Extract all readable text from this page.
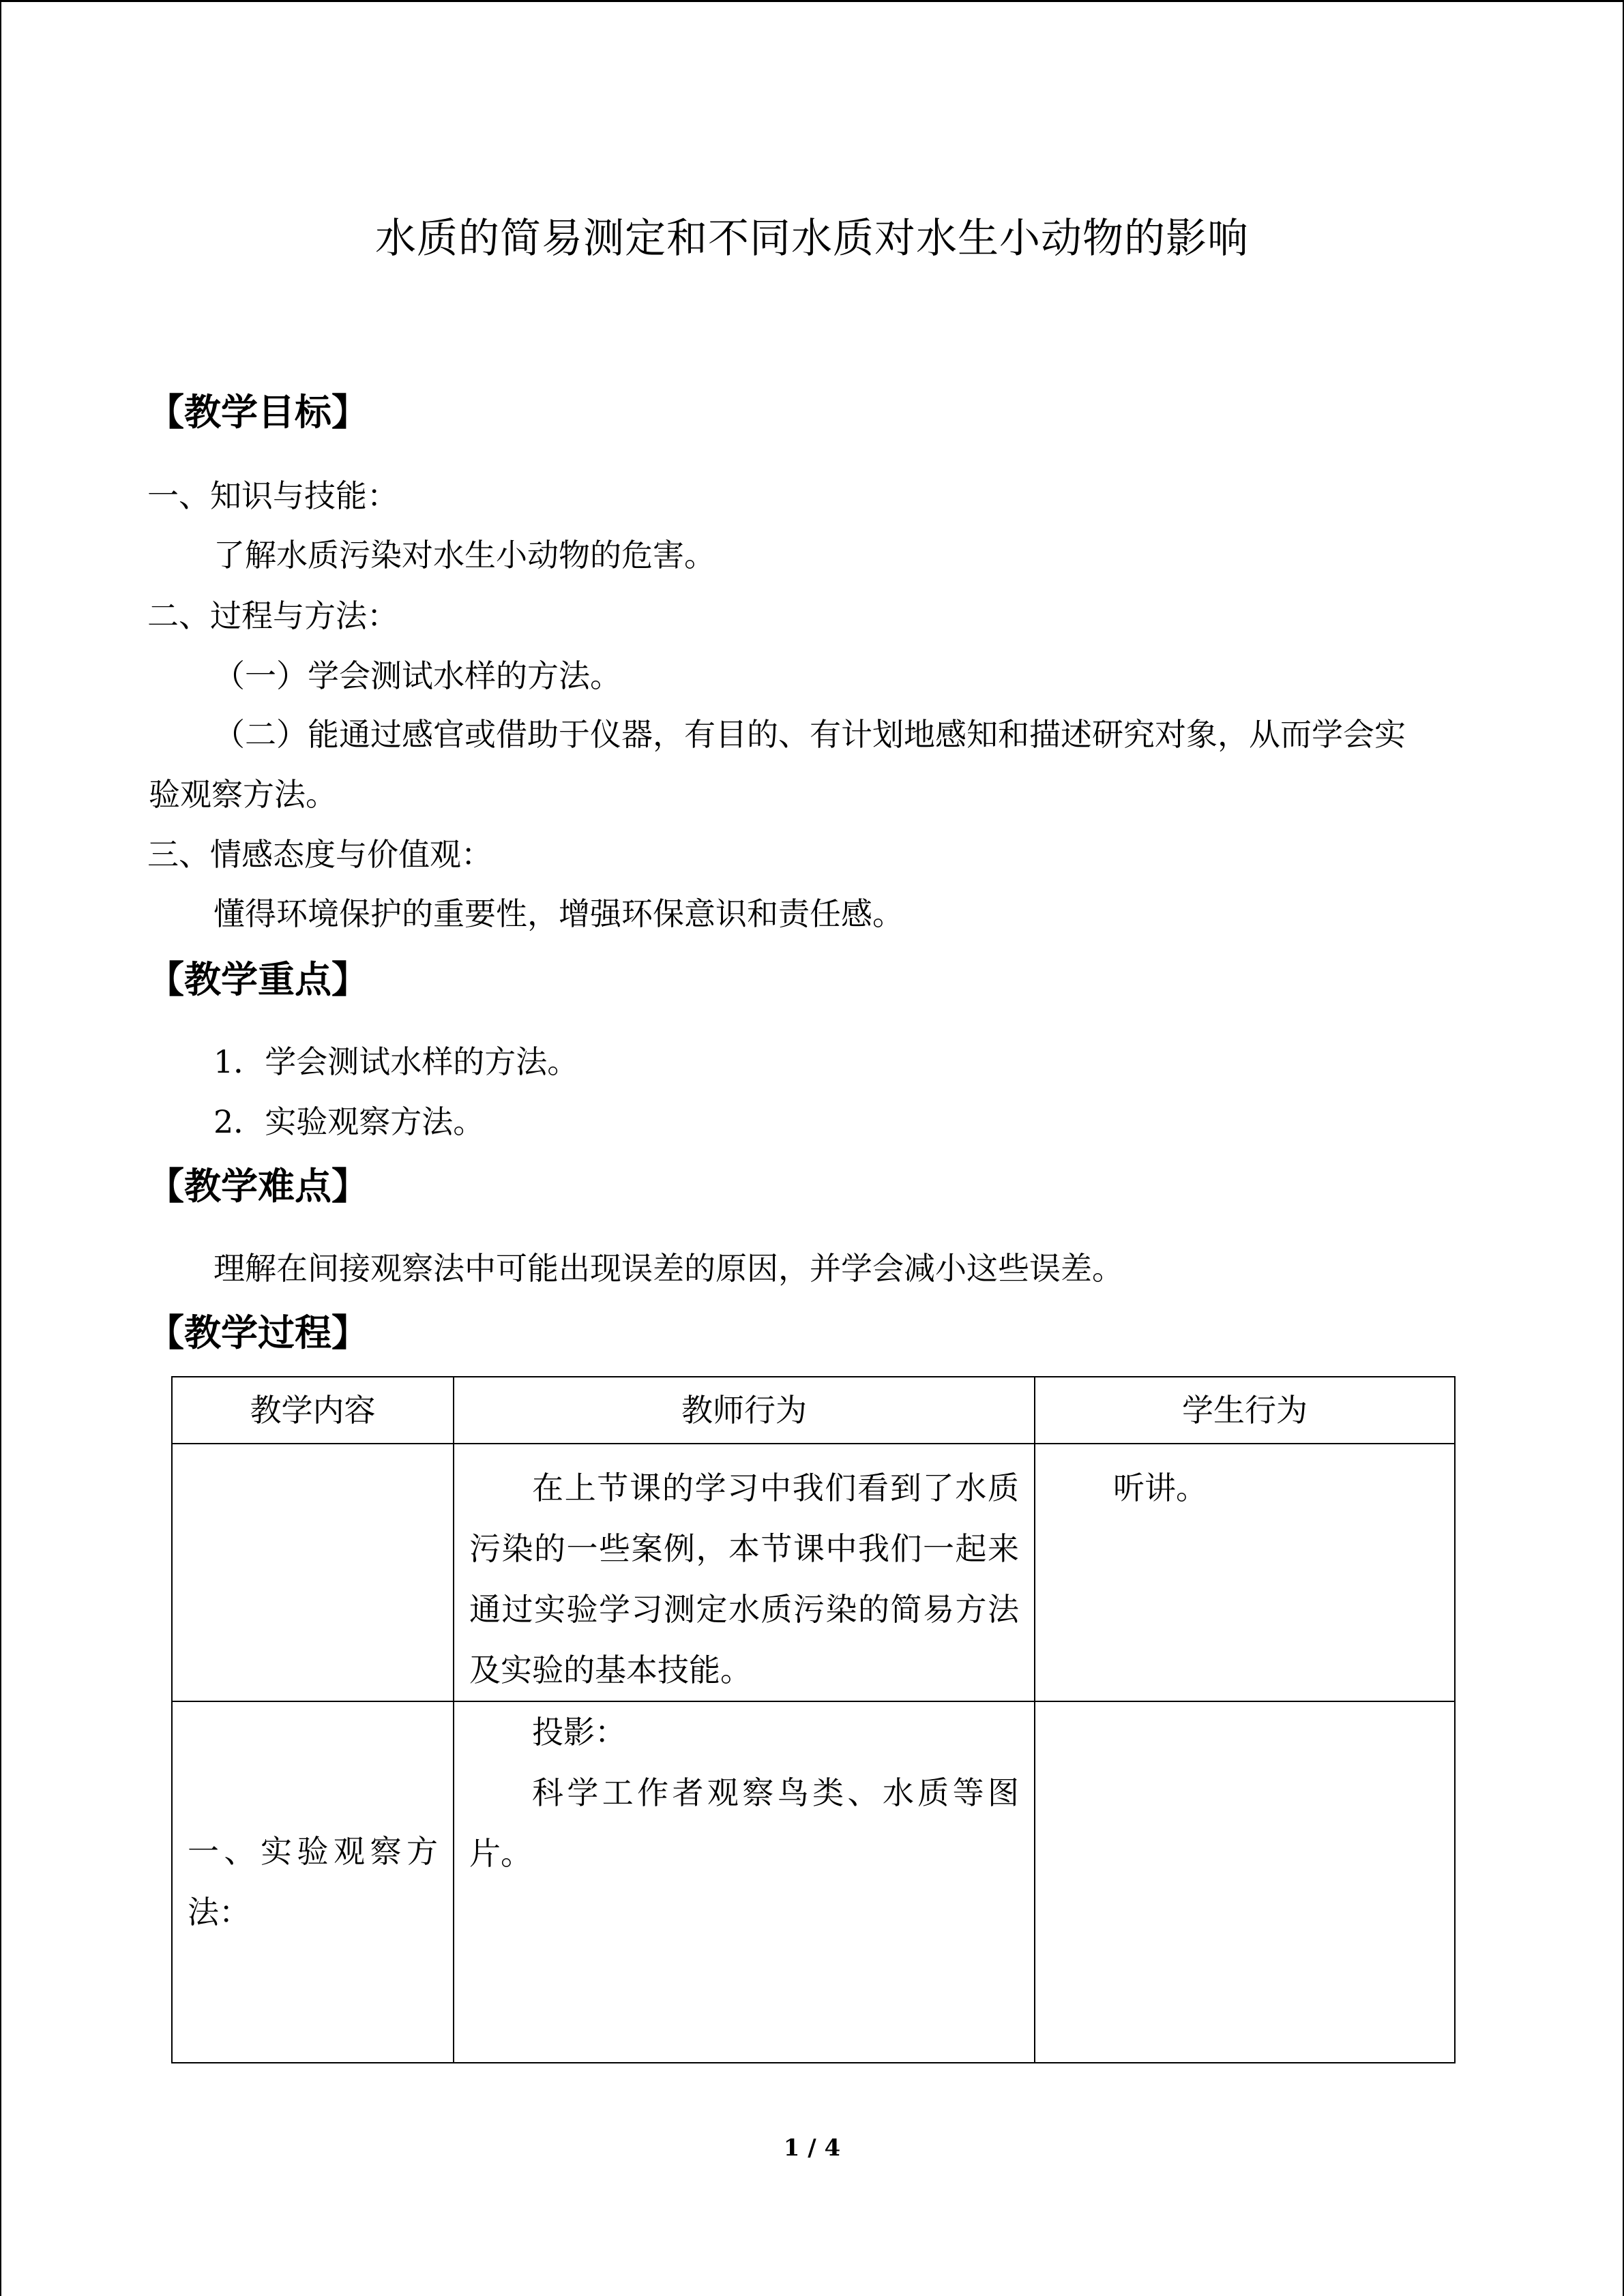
水质的简易测定和不同水质对水生小动物的影响
【教学目标】
一、知识与技能：
了解水质污染对水生小动物的危害。
二、过程与方法：
（一）学会测试水样的方法。
（二）能通过感官或借助于仪器，有目的、有计划地感知和描述研究对象，从而学会实
验观察方法。
三、情感态度与价值观：
懂得环境保护的重要性，增强环保意识和责任感。
【教学重点】
1．学会测试水样的方法。
2．实验观察方法。
【教学难点】
理解在间接观察法中可能出现误差的原因，并学会减小这些误差。
【教学过程】
教学内容	教师行为	学生行为

	在上节课的学习中我们看到了水质污染的一些案例，本节课中我们一起来通过实验学习测定水质污染的简易方法及实验的基本技能。	听讲。

一、实验观察方法：	投影：
科学工作者观察鸟类、水质等图片。	

1 / 4
